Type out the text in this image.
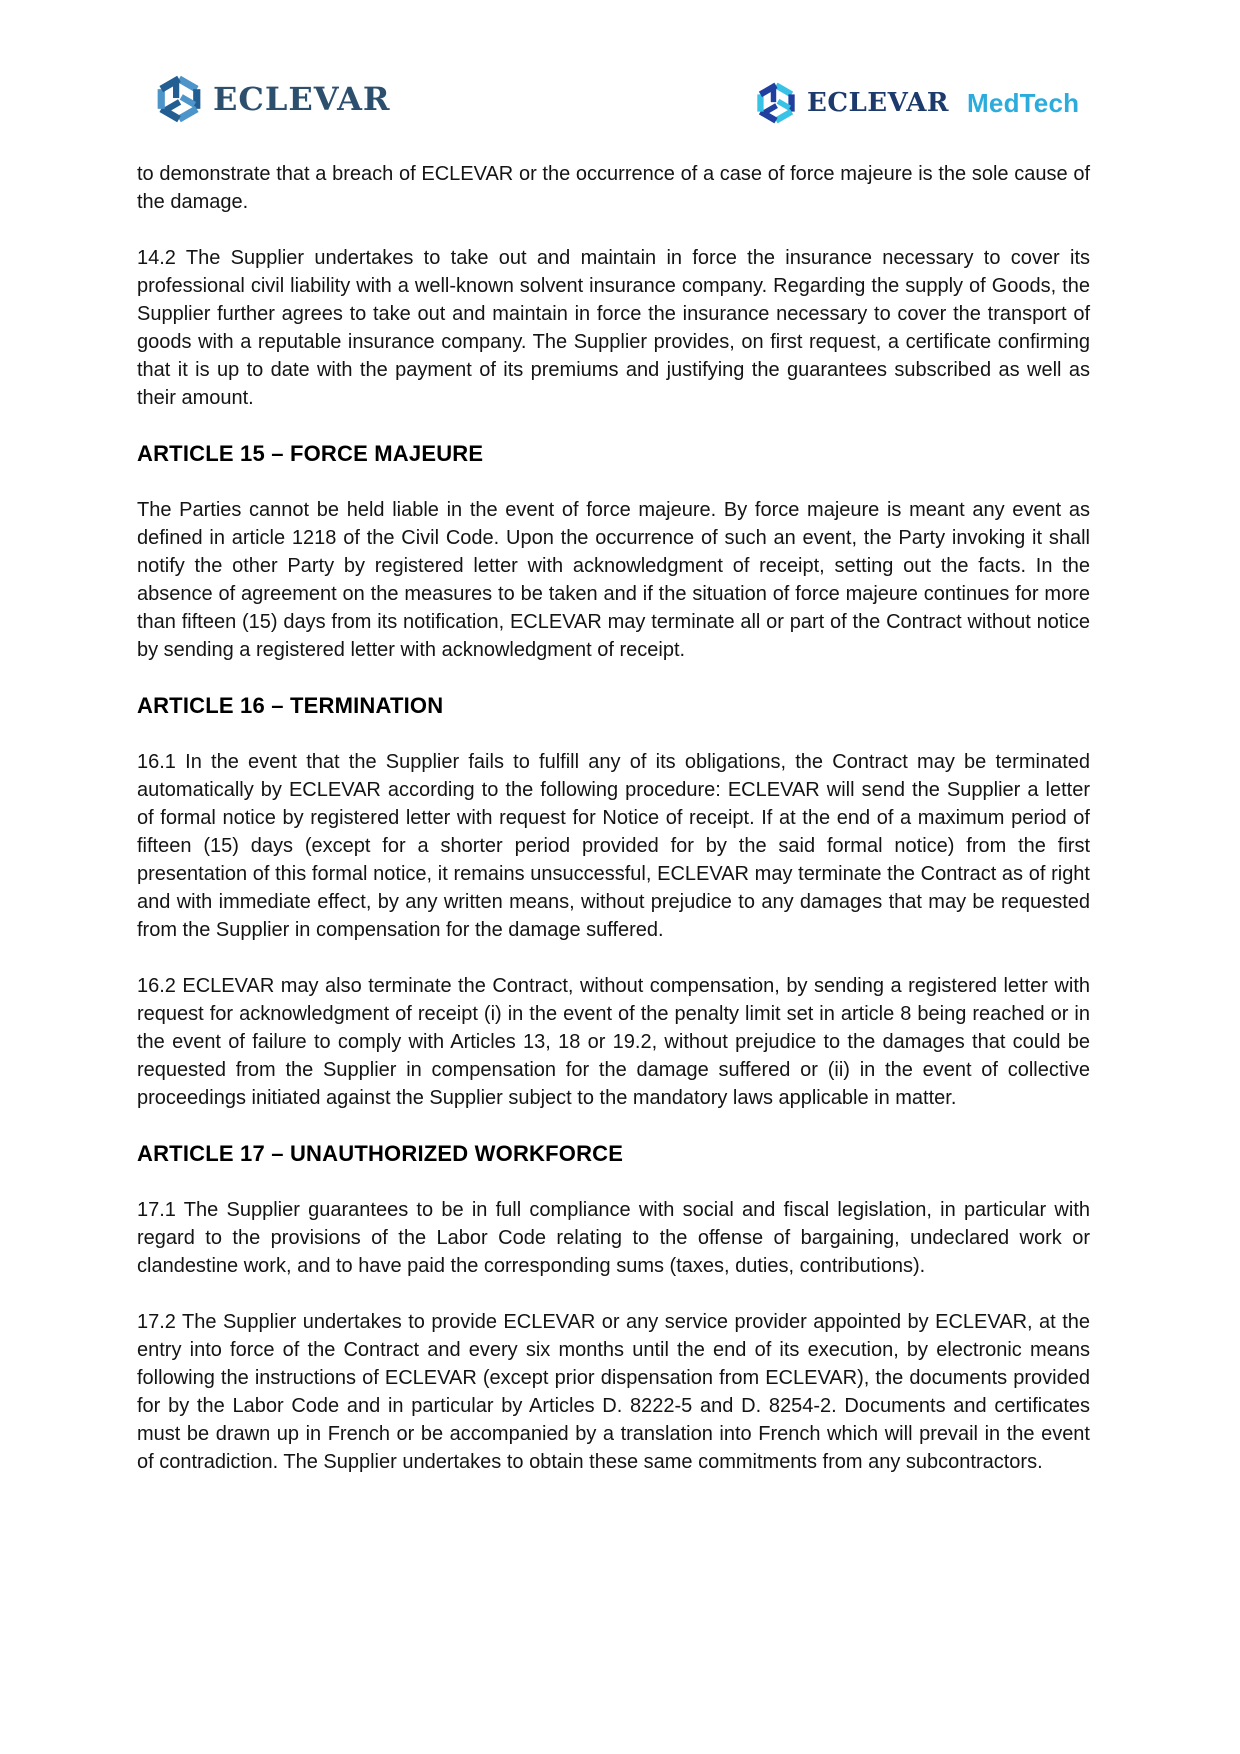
ECLEVAR	ECLEVAR MedTech

to demonstrate that a breach of ECLEVAR or the occurrence of a case of force majeure is the sole cause of the damage.

14.2 The Supplier undertakes to take out and maintain in force the insurance necessary to cover its professional civil liability with a well-known solvent insurance company. Regarding the supply of Goods, the Supplier further agrees to take out and maintain in force the insurance necessary to cover the transport of goods with a reputable insurance company. The Supplier provides, on first request, a certificate confirming that it is up to date with the payment of its premiums and justifying the guarantees subscribed as well as their amount.

ARTICLE 15 – FORCE MAJEURE

The Parties cannot be held liable in the event of force majeure. By force majeure is meant any event as defined in article 1218 of the Civil Code. Upon the occurrence of such an event, the Party invoking it shall notify the other Party by registered letter with acknowledgment of receipt, setting out the facts. In the absence of agreement on the measures to be taken and if the situation of force majeure continues for more than fifteen (15) days from its notification, ECLEVAR may terminate all or part of the Contract without notice by sending a registered letter with acknowledgment of receipt.

ARTICLE 16 – TERMINATION

16.1 In the event that the Supplier fails to fulfill any of its obligations, the Contract may be terminated automatically by ECLEVAR according to the following procedure: ECLEVAR will send the Supplier a letter of formal notice by registered letter with request for Notice of receipt. If at the end of a maximum period of fifteen (15) days (except for a shorter period provided for by the said formal notice) from the first presentation of this formal notice, it remains unsuccessful, ECLEVAR may terminate the Contract as of right and with immediate effect, by any written means, without prejudice to any damages that may be requested from the Supplier in compensation for the damage suffered.

16.2 ECLEVAR may also terminate the Contract, without compensation, by sending a registered letter with request for acknowledgment of receipt (i) in the event of the penalty limit set in article 8 being reached or in the event of failure to comply with Articles 13, 18 or 19.2, without prejudice to the damages that could be requested from the Supplier in compensation for the damage suffered or (ii) in the event of collective proceedings initiated against the Supplier subject to the mandatory laws applicable in matter.

ARTICLE 17 – UNAUTHORIZED WORKFORCE

17.1 The Supplier guarantees to be in full compliance with social and fiscal legislation, in particular with regard to the provisions of the Labor Code relating to the offense of bargaining, undeclared work or clandestine work, and to have paid the corresponding sums (taxes, duties, contributions).

17.2 The Supplier undertakes to provide ECLEVAR or any service provider appointed by ECLEVAR, at the entry into force of the Contract and every six months until the end of its execution, by electronic means following the instructions of ECLEVAR (except prior dispensation from ECLEVAR), the documents provided for by the Labor Code and in particular by Articles D. 8222-5 and D. 8254-2. Documents and certificates must be drawn up in French or be accompanied by a translation into French which will prevail in the event of contradiction. The Supplier undertakes to obtain these same commitments from any subcontractors.
